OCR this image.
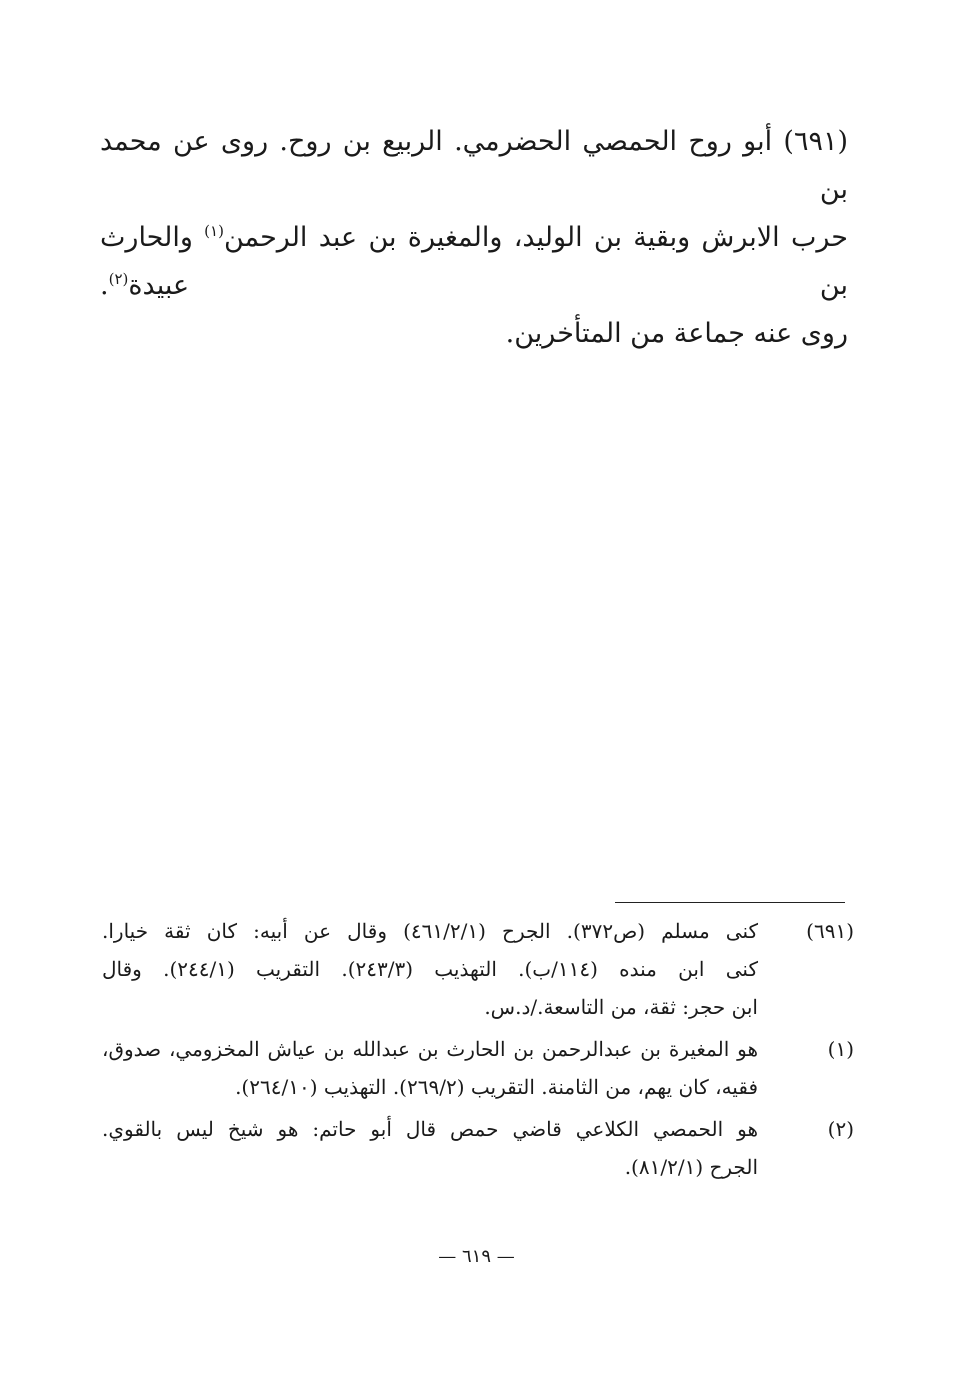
(٦٩١) أبو روح الحمصي الحضرمي. الربيع بن روح. روى عن محمد بن
حرب الابرش وبقية بن الوليد، والمغيرة بن عبد الرحمن$^{(١)}$ والحارث بن عبيدة$^{(٢)}$.
روى عنه جماعة من المتأخرين.
(٦٩١)
كنى مسلم (ص٣٧٢). الجرح (٤٦١/٢/١) وقال عن أبيه: كان ثقة خيارا.
كنى ابن منده (١١٤/ب). التهذيب (٢٤٣/٣). التقريب (٢٤٤/١). وقال
ابن حجر: ثقة، من التاسعة./د.س.
(١)
هو المغيرة بن عبدالرحمن بن الحارث بن عبدالله بن عياش المخزومي، صدوق،
فقيه، كان يهم، من الثامنة. التقريب (٢٦٩/٢). التهذيب (٢٦٤/١٠).
(٢)
هو الحمصي الكلاعي قاضي حمص قال أبو حاتم: هو شيخ ليس بالقوي.
الجرح (٨١/٢/١).
— ٦١٩ —
